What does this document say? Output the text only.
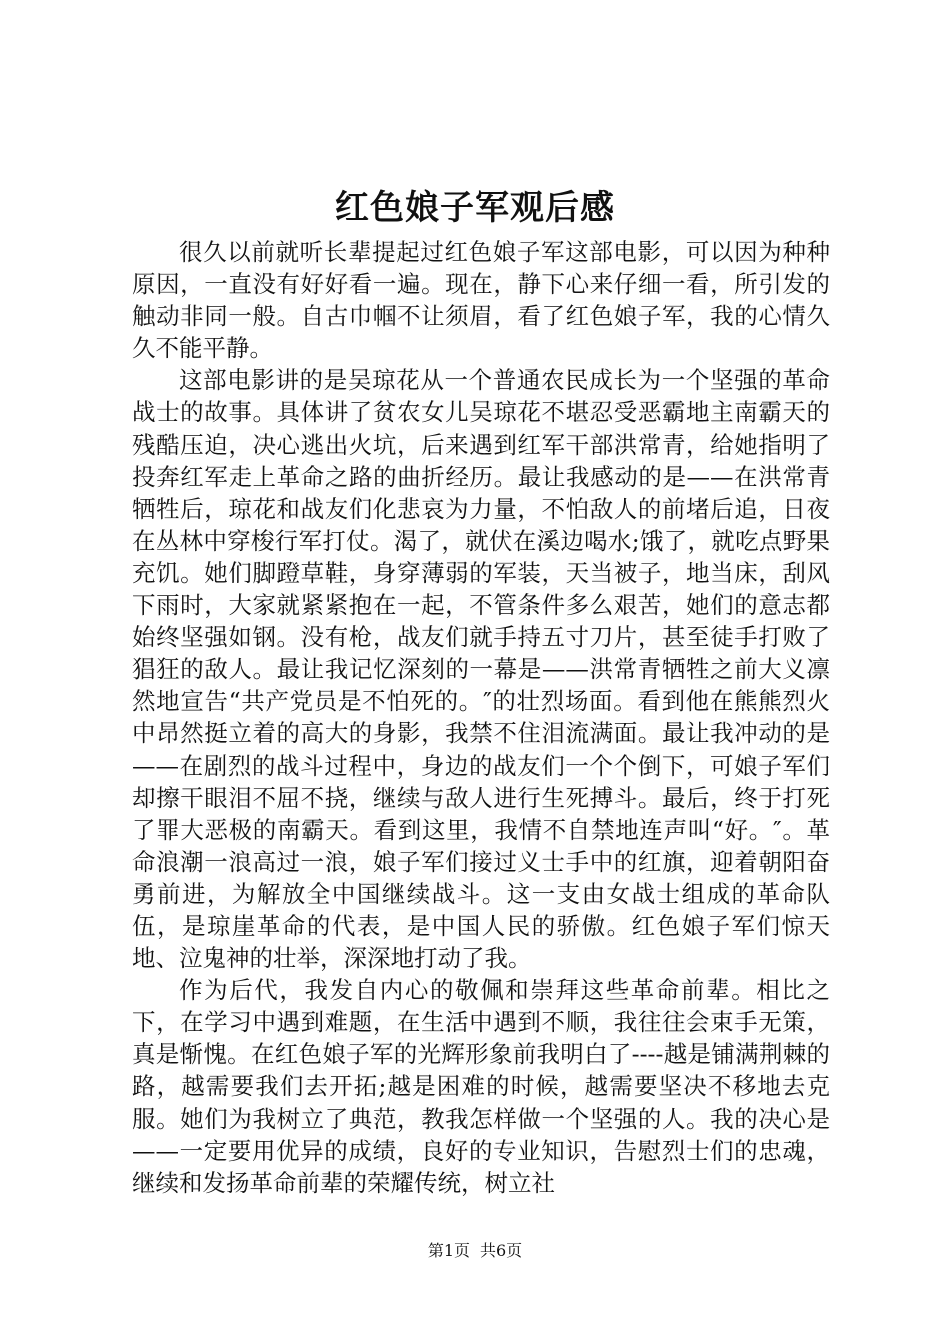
红色娘子军观后感

很久以前就听长辈提起过红色娘子军这部电影，可以因为种种原因，一直没有好好看一遍。现在，静下心来仔细一看，所引发的触动非同一般。自古巾帼不让须眉，看了红色娘子军，我的心情久久不能平静。

这部电影讲的是吴琼花从一个普通农民成长为一个坚强的革命战士的故事。具体讲了贫农女儿吴琼花不堪忍受恶霸地主南霸天的残酷压迫，决心逃出火坑，后来遇到红军干部洪常青，给她指明了投奔红军走上革命之路的曲折经历。最让我感动的是——在洪常青牺牲后，琼花和战友们化悲哀为力量，不怕敌人的前堵后追，日夜在丛林中穿梭行军打仗。渴了，就伏在溪边喝水;饿了，就吃点野果充饥。她们脚蹬草鞋，身穿薄弱的军装，天当被子，地当床，刮风下雨时，大家就紧紧抱在一起，不管条件多么艰苦，她们的意志都始终坚强如钢。没有枪，战友们就手持五寸刀片，甚至徒手打败了猖狂的敌人。最让我记忆深刻的一幕是——洪常青牺牲之前大义凛然地宣告“共产党员是不怕死的。″的壮烈场面。看到他在熊熊烈火中昂然挺立着的高大的身影，我禁不住泪流满面。最让我冲动的是——在剧烈的战斗过程中，身边的战友们一个个倒下，可娘子军们却擦干眼泪不屈不挠，继续与敌人进行生死搏斗。最后，终于打死了罪大恶极的南霸天。看到这里，我情不自禁地连声叫“好。″。革命浪潮一浪高过一浪，娘子军们接过义士手中的红旗，迎着朝阳奋勇前进，为解放全中国继续战斗。这一支由女战士组成的革命队伍，是琼崖革命的代表，是中国人民的骄傲。红色娘子军们惊天地、泣鬼神的壮举，深深地打动了我。

作为后代，我发自内心的敬佩和崇拜这些革命前辈。相比之下，在学习中遇到难题，在生活中遇到不顺，我往往会束手无策，真是惭愧。在红色娘子军的光辉形象前我明白了----越是铺满荆棘的路，越需要我们去开拓;越是困难的时候，越需要坚决不移地去克服。她们为我树立了典范，教我怎样做一个坚强的人。我的决心是——一定要用优异的成绩，良好的专业知识，告慰烈士们的忠魂，继续和发扬革命前辈的荣耀传统，树立社

第1页 共6页
